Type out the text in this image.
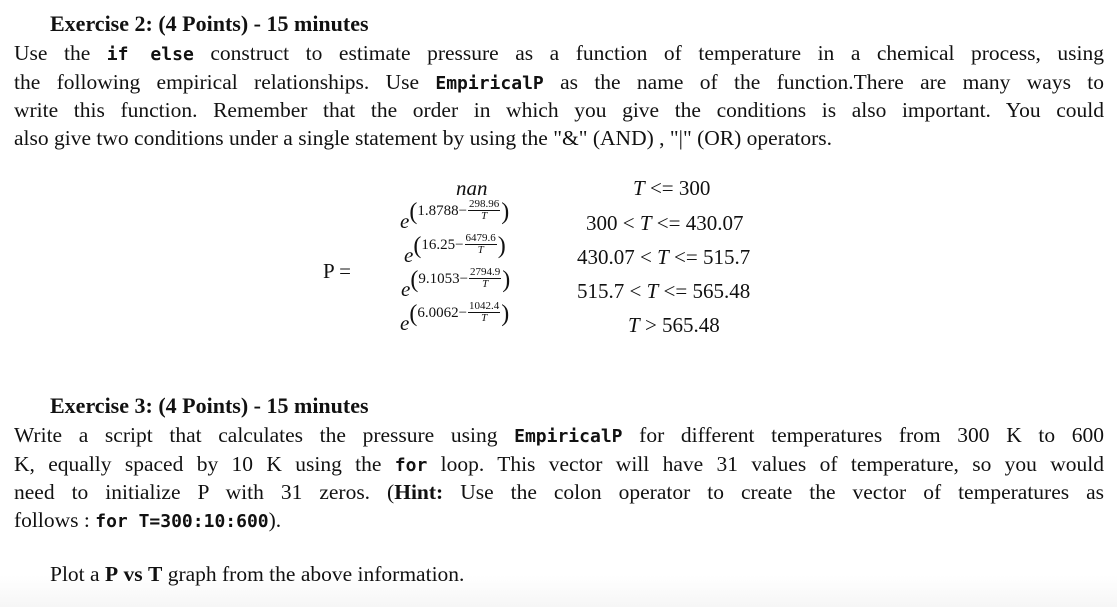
Exercise 2: (4 Points) - 15 minutes
Use the if else construct to estimate pressure as a function of temperature in a chemical process, using
the following empirical relationships. Use EmpiricalP as the name of the function.There are many ways to
write this function. Remember that the order in which you give the conditions is also important. You could
also give two conditions under a single statement by using the "&" (AND) , "|" (OR) operators.
P =
nan	T <= 300
$e(1.8788- \frac{298.96}{T}$ )	300 < T <= 430.07
$e(16.25- \frac{6479.6}{T}$ )	430.07 < T <= 515.7
$e(9.1053- \frac{2794.9}{T}$ )	515.7 < T <= 565.48
$e(6.0062- \frac{1042.4}{T}$ )	T > 565.48
Exercise 3: (4 Points) - 15 minutes
Write a script that calculates the pressure using EmpiricalP for different temperatures from 300 K to 600
K, equally spaced by 10 K using the for loop. This vector will have 31 values of temperature, so you would
need to initialize P with 31 zeros. (Hint: Use the colon operator to create the vector of temperatures as
follows : for T=300:10:600).
Plot a P vs T graph from the above information.
